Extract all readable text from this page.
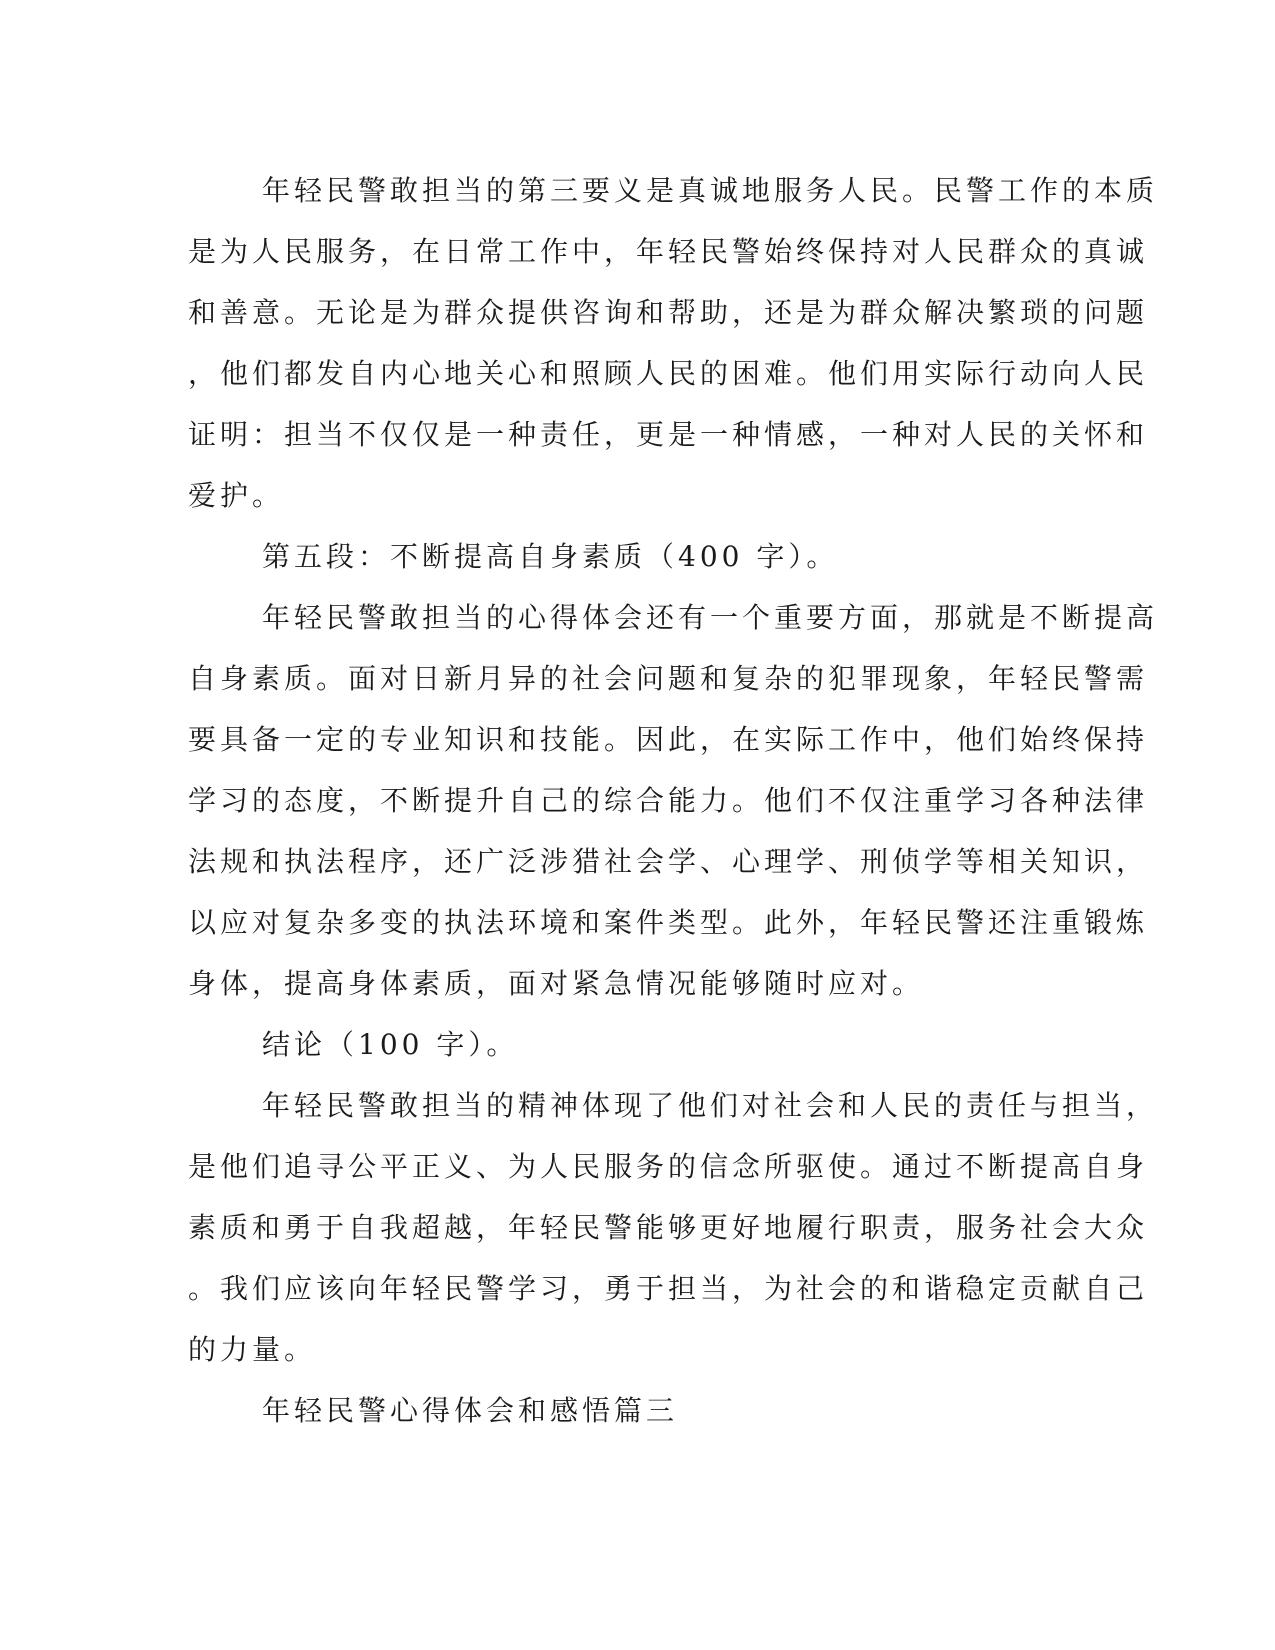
年轻民警敢担当的第三要义是真诚地服务人民。民警工作的本质
是为人民服务，在日常工作中，年轻民警始终保持对人民群众的真诚
和善意。无论是为群众提供咨询和帮助，还是为群众解决繁琐的问题
，他们都发自内心地关心和照顾人民的困难。他们用实际行动向人民
证明：担当不仅仅是一种责任，更是一种情感，一种对人民的关怀和
爱护。
第五段：不断提高自身素质（400 字）。
年轻民警敢担当的心得体会还有一个重要方面，那就是不断提高
自身素质。面对日新月异的社会问题和复杂的犯罪现象，年轻民警需
要具备一定的专业知识和技能。因此，在实际工作中，他们始终保持
学习的态度，不断提升自己的综合能力。他们不仅注重学习各种法律
法规和执法程序，还广泛涉猎社会学、心理学、刑侦学等相关知识，
以应对复杂多变的执法环境和案件类型。此外，年轻民警还注重锻炼
身体，提高身体素质，面对紧急情况能够随时应对。
结论（100 字）。
年轻民警敢担当的精神体现了他们对社会和人民的责任与担当，
是他们追寻公平正义、为人民服务的信念所驱使。通过不断提高自身
素质和勇于自我超越，年轻民警能够更好地履行职责，服务社会大众
。我们应该向年轻民警学习，勇于担当，为社会的和谐稳定贡献自己
的力量。
年轻民警心得体会和感悟篇三
